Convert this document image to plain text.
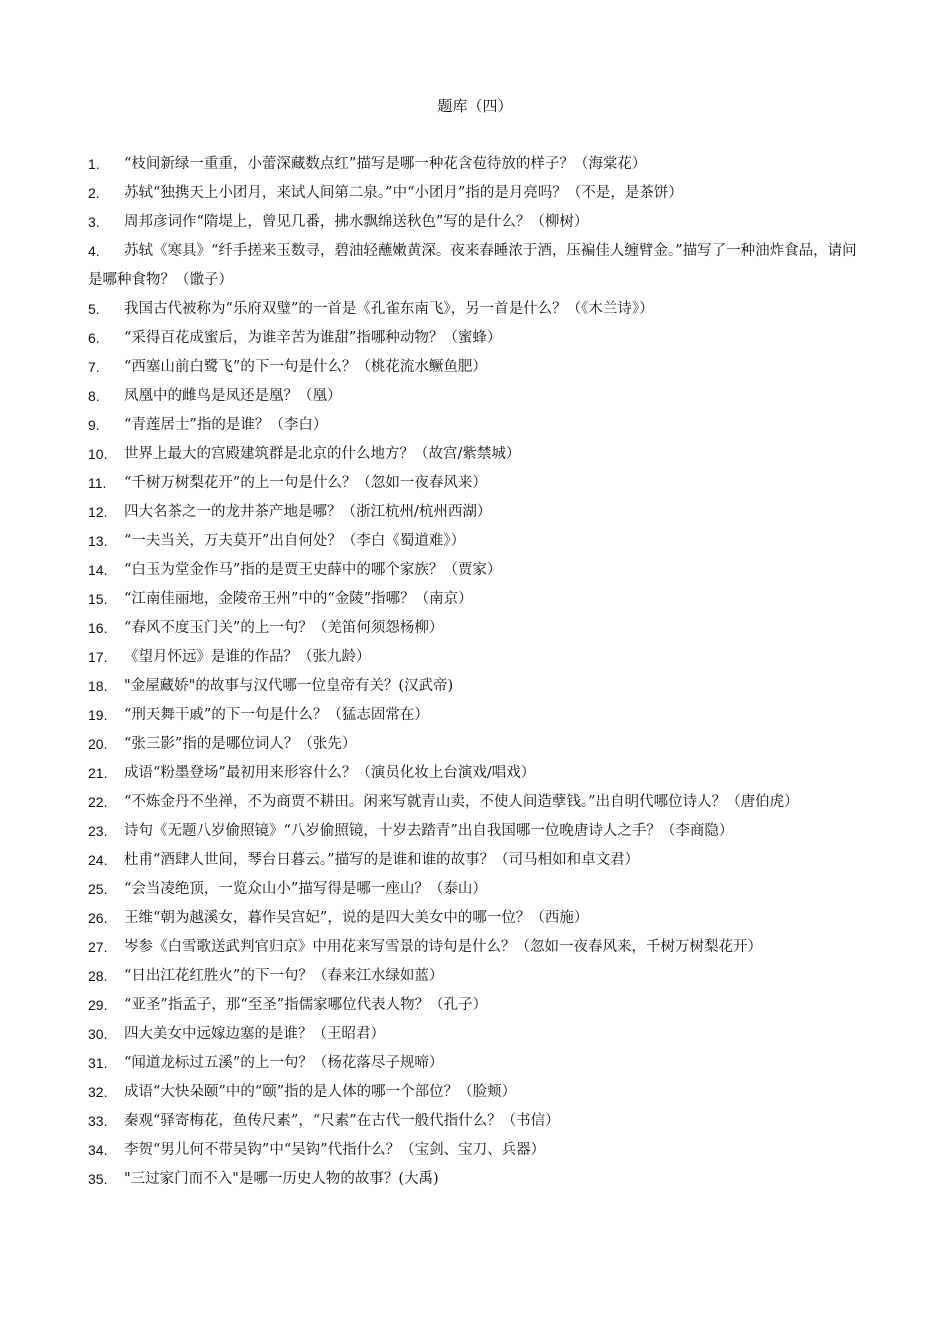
题库（四）
1.	“枝间新绿一重重，小蕾深藏数点红”描写是哪一种花含苞待放的样子？（海棠花）
2.	苏轼“独携天上小团月，来试人间第二泉。”中“小团月”指的是月亮吗？（不是，是茶饼）
3.	周邦彦词作“隋堤上，曾见几番，拂水飘绵送秋色”写的是什么？（柳树）
4.	苏轼《寒具》“纤手搓来玉数寻，碧油轻蘸嫩黄深。夜来春睡浓于酒，压褊佳人缠臂金。”描写了一种油炸食品，请问是哪种食物？（馓子）
5.	我国古代被称为“乐府双璧”的一首是《孔雀东南飞》，另一首是什么？（《木兰诗》）
6.	“采得百花成蜜后，为谁辛苦为谁甜”指哪种动物？（蜜蜂）
7.	“西塞山前白鹭飞”的下一句是什么？（桃花流水鳜鱼肥）
8.	凤凰中的雌鸟是凤还是凰？（凰）
9.	“青莲居士”指的是谁？（李白）
10.	世界上最大的宫殿建筑群是北京的什么地方？（故宫/紫禁城）
11.	“千树万树梨花开”的上一句是什么？（忽如一夜春风来）
12.	四大名茶之一的龙井茶产地是哪？（浙江杭州/杭州西湖）
13.	“一夫当关，万夫莫开”出自何处？（李白《蜀道难》）
14.	“白玉为堂金作马”指的是贾王史薛中的哪个家族？（贾家）
15.	“江南佳丽地，金陵帝王州”中的“金陵”指哪？（南京）
16.	“春风不度玉门关”的上一句？（羌笛何须怨杨柳）
17.	《望月怀远》是谁的作品？（张九龄）
18.	"金屋藏娇"的故事与汉代哪一位皇帝有关？(汉武帝)
19.	“刑天舞干戚”的下一句是什么？（猛志固常在）
20.	“张三影”指的是哪位词人？（张先）
21.	成语“粉墨登场”最初用来形容什么？（演员化妆上台演戏/唱戏）
22.	“不炼金丹不坐禅，不为商贾不耕田。闲来写就青山卖，不使人间造孽钱。”出自明代哪位诗人？（唐伯虎）
23.	诗句《无题八岁偷照镜》“八岁偷照镜，十岁去踏青”出自我国哪一位晚唐诗人之手？（李商隐）
24.	杜甫“酒肆人世间，琴台日暮云。”描写的是谁和谁的故事？（司马相如和卓文君）
25.	“会当凌绝顶，一览众山小”描写得是哪一座山？（泰山）
26.	王维“朝为越溪女，暮作吴宫妃”，说的是四大美女中的哪一位？（西施）
27.	岑参《白雪歌送武判官归京》中用花来写雪景的诗句是什么？（忽如一夜春风来，千树万树梨花开）
28.	“日出江花红胜火”的下一句？（春来江水绿如蓝）
29.	“亚圣”指孟子，那“至圣”指儒家哪位代表人物？（孔子）
30.	四大美女中远嫁边塞的是谁？（王昭君）
31.	“闻道龙标过五溪”的上一句？（杨花落尽子规啼）
32.	成语“大快朵颐”中的“颐”指的是人体的哪一个部位？（脸颊）
33.	秦观“驿寄梅花，鱼传尺素”，“尺素”在古代一般代指什么？（书信）
34.	李贺“男儿何不带吴钩”中“吴钩”代指什么？（宝剑、宝刀、兵器）
35.	"三过家门而不入"是哪一历史人物的故事？(大禹)
